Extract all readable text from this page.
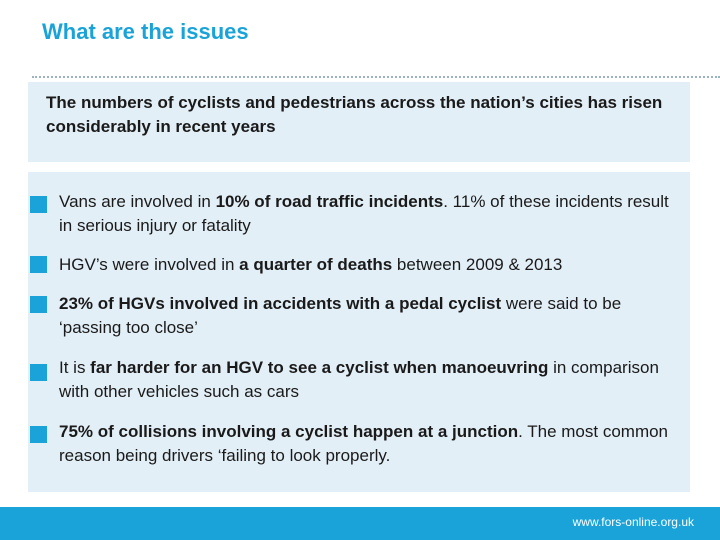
What are the issues

The numbers of cyclists and pedestrians across the nation’s cities has risen considerably in recent years

Vans are involved in 10% of road traffic incidents. 11% of these incidents result in serious injury or fatality

HGV’s were involved in a quarter of deaths between 2009 & 2013

23% of HGVs involved in accidents with a pedal cyclist were said to be ‘passing too close’

It is far harder for an HGV to see a cyclist when manoeuvring in comparison with other vehicles such as cars

75% of collisions involving a cyclist happen at a junction. The most common reason being drivers ‘failing to look properly.

www.fors-online.org.uk
